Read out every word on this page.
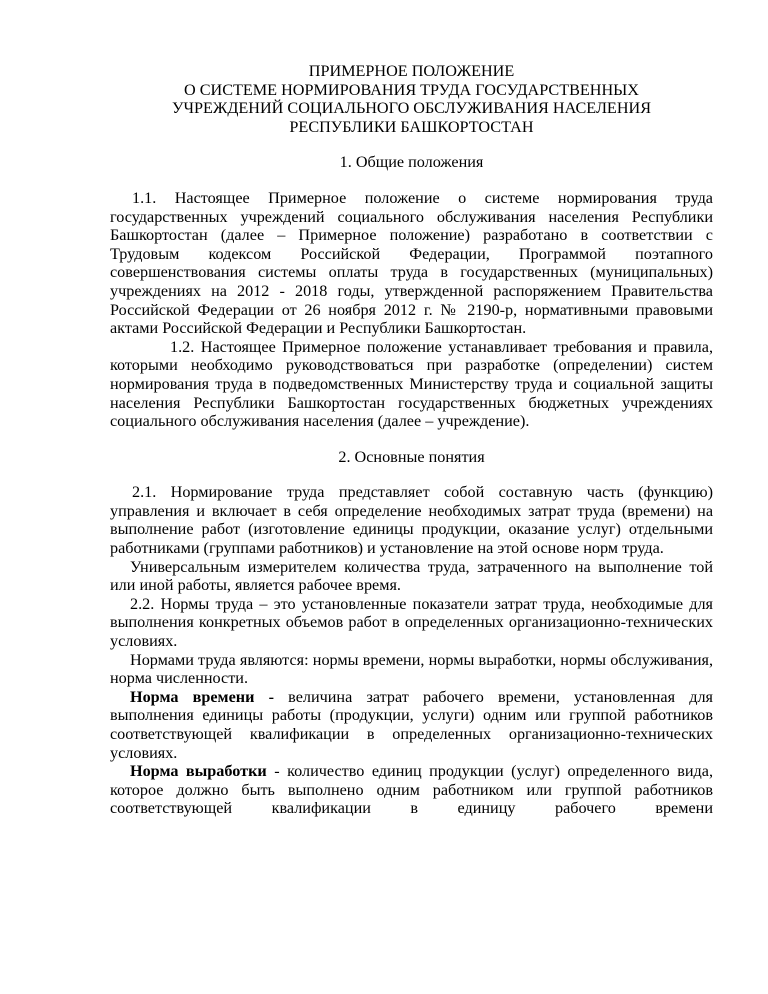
ПРИМЕРНОЕ ПОЛОЖЕНИЕ
О СИСТЕМЕ НОРМИРОВАНИЯ ТРУДА ГОСУДАРСТВЕННЫХ
УЧРЕЖДЕНИЙ СОЦИАЛЬНОГО ОБСЛУЖИВАНИЯ НАСЕЛЕНИЯ
РЕСПУБЛИКИ БАШКОРТОСТАН
1. Общие положения

1.1. Настоящее Примерное положение о системе нормирования труда государственных учреждений социального обслуживания населения Республики Башкортостан (далее – Примерное положение) разработано в соответствии с Трудовым кодексом Российской Федерации, Программой поэтапного совершенствования системы оплаты труда в государственных (муниципальных) учреждениях на 2012 - 2018 годы, утвержденной распоряжением Правительства Российской Федерации от 26 ноября 2012 г. № 2190-р, нормативными правовыми актами Российской Федерации и Республики Башкортостан.

1.2. Настоящее Примерное положение устанавливает требования и правила, которыми необходимо руководствоваться при разработке (определении) систем нормирования труда в подведомственных Министерству труда и социальной защиты населения Республики Башкортостан государственных бюджетных учреждениях социального обслуживания населения (далее – учреждение).

2. Основные понятия

2.1. Нормирование труда представляет собой составную часть (функцию) управления и включает в себя определение необходимых затрат труда (времени) на выполнение работ (изготовление единицы продукции, оказание услуг) отдельными работниками (группами работников) и установление на этой основе норм труда.

Универсальным измерителем количества труда, затраченного на выполнение той или иной работы, является рабочее время.

2.2. Нормы труда – это установленные показатели затрат труда, необходимые для выполнения конкретных объемов работ в определенных организационно-технических условиях.

Нормами труда являются: нормы времени, нормы выработки, нормы обслуживания, норма численности.

Норма времени - величина затрат рабочего времени, установленная для выполнения единицы работы (продукции, услуги) одним или группой работников соответствующей квалификации в определенных организационно-технических условиях.

Норма выработки - количество единиц продукции (услуг) определенного вида, которое должно быть выполнено одним работником или группой работников соответствующей квалификации в единицу рабочего времени
